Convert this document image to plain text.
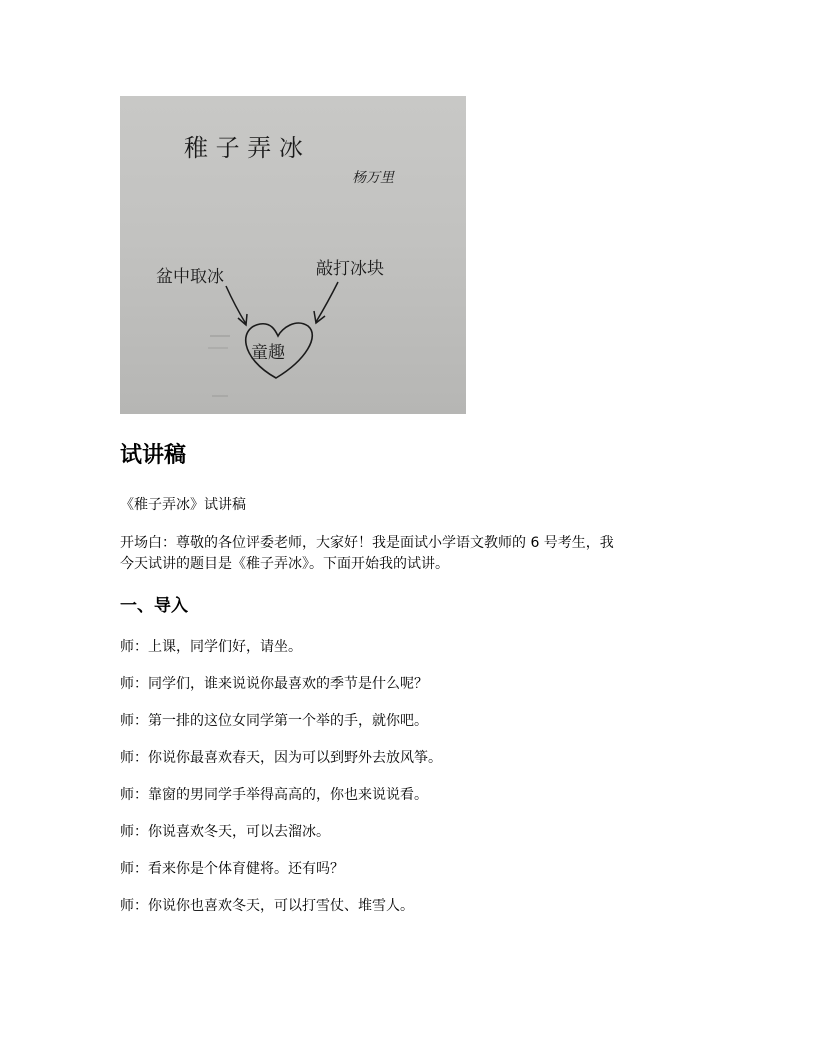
稚 子 弄 冰
杨万里
盆中取冰	敲打冰块
童趣
试讲稿

《稚子弄冰》试讲稿

开场白：尊敬的各位评委老师，大家好！我是面试小学语文教师的 6 号考生，我

今天试讲的题目是《稚子弄冰》。下面开始我的试讲。

一、导入

师：上课，同学们好，请坐。

师：同学们，谁来说说你最喜欢的季节是什么呢？

师：第一排的这位女同学第一个举的手，就你吧。

师：你说你最喜欢春天，因为可以到野外去放风筝。

师：靠窗的男同学手举得高高的，你也来说说看。

师：你说喜欢冬天，可以去溜冰。

师：看来你是个体育健将。还有吗？

师：你说你也喜欢冬天，可以打雪仗、堆雪人。
